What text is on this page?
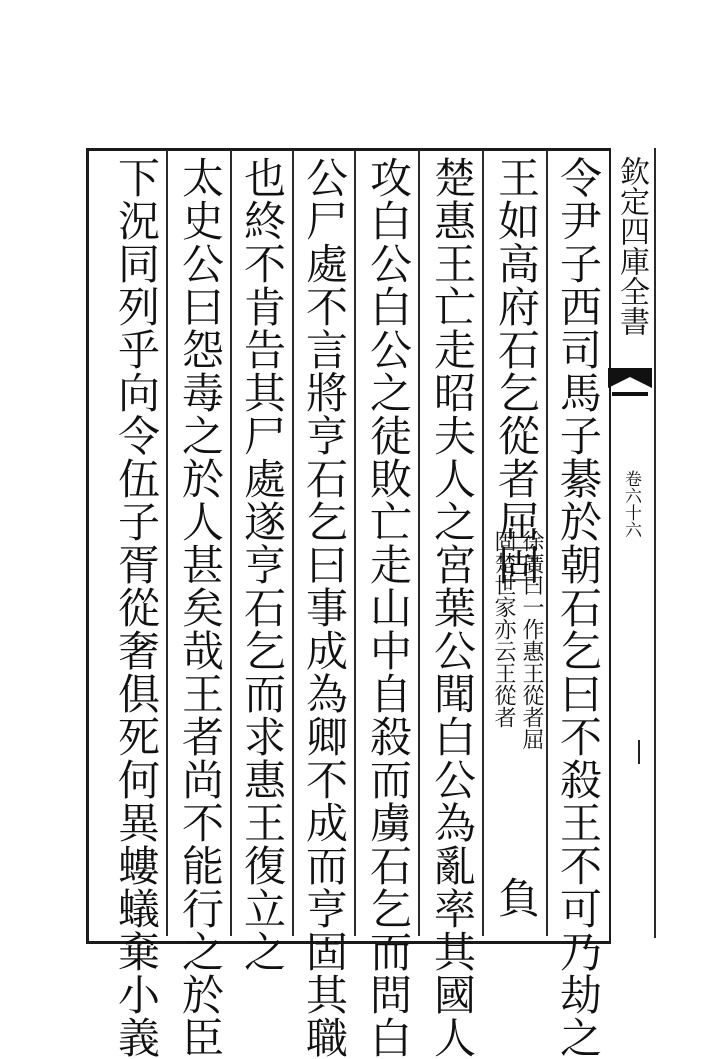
欽定四庫全書
卷六十六
令尹子西司馬子綦於朝石乞曰不殺王不可乃劫之
王如高府石乞從者屈固
徐廣曰一作惠王從者屈
固楚世家亦云王從者
負
楚惠王亡走昭夫人之宮葉公聞白公為亂率其國人
攻白公白公之徒敗亡走山中自殺而虜石乞而問白
公尸處不言將亨石乞曰事成為卿不成而亨固其職
也終不肯告其尸處遂亨石乞而求惠王復立之
太史公曰怨毒之於人甚矣哉王者尚不能行之於臣
下況同列乎向令伍子胥從奢俱死何異螻蟻棄小義
